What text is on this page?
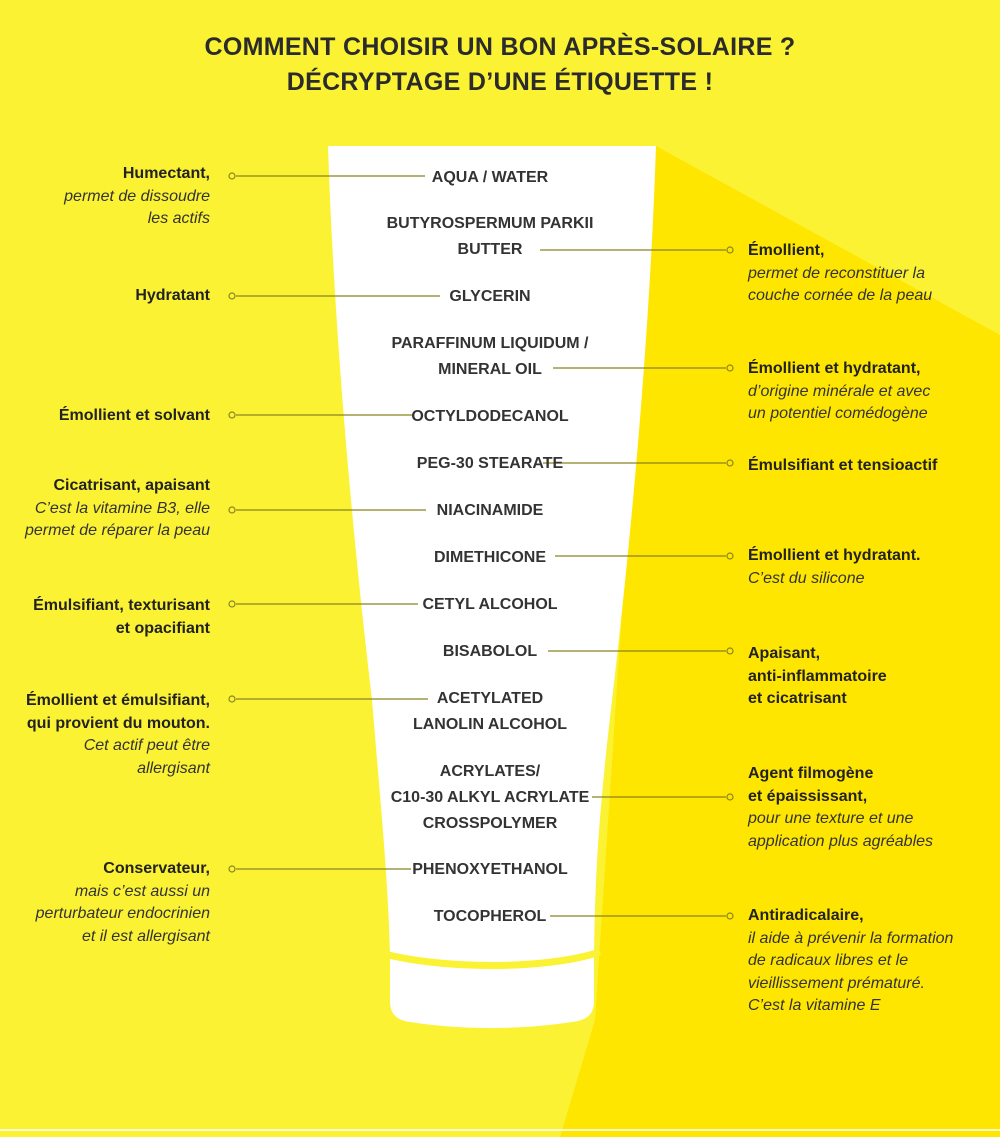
COMMENT CHOISIR UN BON APRÈS-SOLAIRE ?
DÉCRYPTAGE D’UNE ÉTIQUETTE !
AQUA / WATER
BUTYROSPERMUM PARKII
BUTTER
GLYCERIN
PARAFFINUM LIQUIDUM /
MINERAL OIL
OCTYLDODECANOL
PEG-30 STEARATE
NIACINAMIDE
DIMETHICONE
CETYL ALCOHOL
BISABOLOL
ACETYLATED
LANOLIN ALCOHOL
ACRYLATES/
C10-30 ALKYL ACRYLATE
CROSSPOLYMER
PHENOXYETHANOL
TOCOPHEROL
Humectant,
permet de dissoudre
les actifs
Hydratant
Émollient et solvant
Cicatrisant, apaisant
C’est la vitamine B3, elle
permet de réparer la peau
Émulsifiant, texturisant
et opacifiant
Émollient et émulsifiant,
qui provient du mouton.
Cet actif peut être
allergisant
Conservateur,
mais c’est aussi un
perturbateur endocrinien
et il est allergisant
Émollient,
permet de reconstituer la
couche cornée de la peau
Émollient et hydratant,
d’origine minérale et avec
un potentiel comédogène
Émulsifiant et tensioactif
Émollient et hydratant.
C’est du silicone
Apaisant,
anti-inflammatoire
et cicatrisant
Agent filmogène
et épaississant,
pour une texture et une
application plus agréables
Antiradicalaire,
il aide à prévenir la formation
de radicaux libres et le
vieillissement prématuré.
C’est la vitamine E
